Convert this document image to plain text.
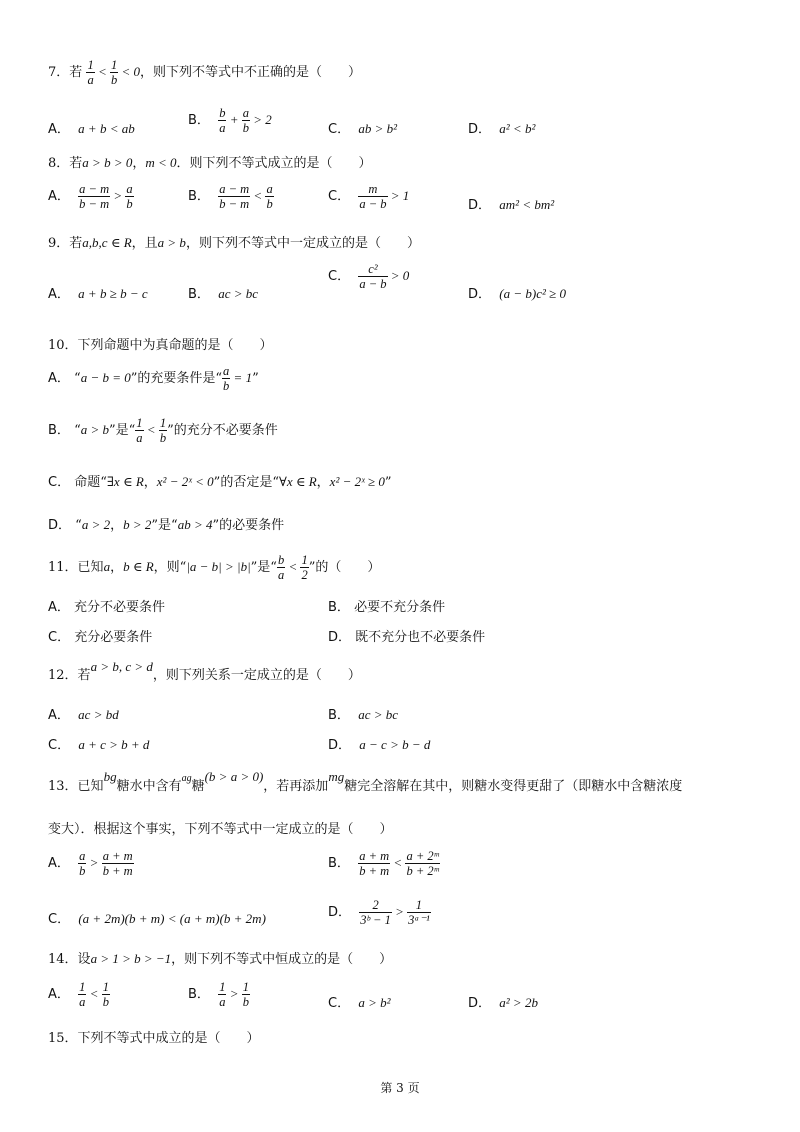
7．若 $\frac{1}{a} < \frac{1}{b} < 0$，则下列不等式中不正确的是（　　）
A． a + b < ab
B． $\frac{b}{a} + \frac{a}{b} > 2$
C． ab > b²	D． a² < b²
8．若a > b > 0，m < 0．则下列不等式成立的是（　　）
A． $\frac{a - m}{b - m} > \frac{a}{b}$	B． $\frac{a - m}{b - m} < \frac{a}{b}$	C． $\frac{m}{a - b} > 1$
D． am² < bm²
9．若a,b,c ∈ R，且a > b，则下列不等式中一定成立的是（　　）
A． a + b ≥ b − c	B． ac > bc
C． $\frac{\text{c²}}{a - b} > 0$
D． (a − b)c² ≥ 0
10．下列命题中为真命题的是（　　）
A． “a − b = 0”的充要条件是“ $\frac{a}{b} = 1$”
B． “a > b”是“ $\frac{1}{a} < \frac{1}{b}$ ”的充分不必要条件
C． 命题“∃x ∈ R，x² − 2ˣ < 0”的否定是“∀x ∈ R，x² − 2ˣ ≥ 0”
D． “a > 2，b > 2”是“ab > 4”的必要条件
11．已知a，b ∈ R，则“|a − b| > |b|”是“ $\frac{b}{a} < \frac{1}{2}$ ”的（　　）
A． 充分不必要条件	B． 必要不充分条件
C． 充分必要条件	D． 既不充分也不必要条件
12．若a > b, c > d，则下列关系一定成立的是（　　）
A． ac > bd	B． ac > bc
C． a + c > b + d	D． a − c > b − d
13．已知bg糖水中含有$^{ag}$糖(b > a > 0)，若再添加mg糖完全溶解在其中，则糖水变得更甜了（即糖水中含糖浓度
变大）．根据这个事实，下列不等式中一定成立的是（　　）
A． $\frac{a}{b} > \frac{a + m}{b + m}$	B． $\frac{a + m}{b + m} < \frac{\text{a + 2ᵐ}}{\text{b + 2ᵐ}}$
C． (a + 2m)(b + m) < (a + m)(b + 2m)	D． $\frac{2}{\text{3ᵇ − 1}} > \frac{1}{\text{3ᵃ⁻¹}}$
14．设a > 1 > b > −1，则下列不等式中恒成立的是（　　）
A． $\frac{1}{a} < \frac{1}{b}$	B． $\frac{1}{a} > \frac{1}{b}$	C． a > b²	D． a² > 2b
15．下列不等式中成立的是（　　）
第 3 页
